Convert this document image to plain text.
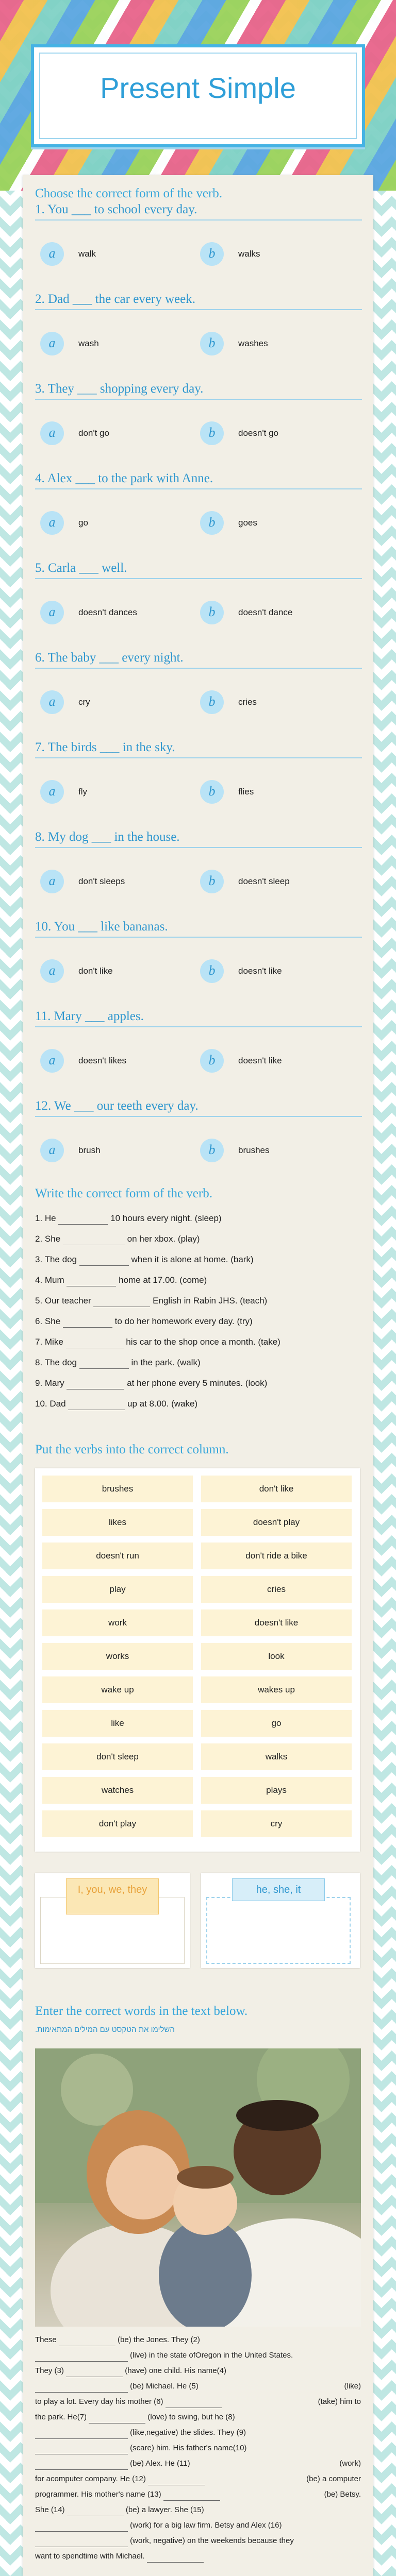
Present Simple
Choose the correct form of the verb.
1. You ___ to school every day.
a	walk	b	walks
2. Dad ___ the car every week.
a	wash	b	washes
3. They ___ shopping every day.
a	don't go	b	doesn't go
4. Alex ___ to the park with Anne.
a	go	b	goes
5. Carla ___ well.
a	doesn't dances	b	doesn't dance
6. The baby ___ every night.
a	cry	b	cries
7. The birds ___ in the sky.
a	fly	b	flies
8. My dog ___ in the house.
a	don't sleeps	b	doesn't sleep
10. You ___ like bananas.
a	don't like	b	doesn't like
11. Mary ___ apples.
a	doesn't likes	b	doesn't like
12. We ___ our teeth every day.
a	brush	b	brushes
Write the correct form of the verb.
1. He	10 hours every night. (sleep)
2. She	on her xbox. (play)
3. The dog	when it is alone at home. (bark)
4. Mum	home at 17.00. (come)
5. Our teacher	English in Rabin JHS. (teach)
6. She	to do her homework every day. (try)
7. Mike	his car to the shop once a month. (take)
8. The dog	in the park. (walk)
9. Mary	at her phone every 5 minutes. (look)
10. Dad	up at 8.00. (wake)
Put the verbs into the correct column.
brushes	don't like
likes	doesn't play
doesn't run	don't ride a bike
play	cries
work	doesn't like
works	look
wake up	wakes up
like	go
don't sleep	walks
watches	plays
don't play	cry
I, you, we, they	he, she, it
Enter the correct words in the text below.
השלימו את הטקסט עם המילים המתאימות.
These	(be) the Jones. They (2)
(live) in the state ofOregon in the United States.
They (3)	(have) one child. His name(4)
(be) Michael. He (5)	(like)
to play a lot. Every day his mother (6)	(take) him to
the park. He(7)	(love) to swing, but he (8)
(like,negative) the slides. They (9)
(scare) him. His father's name(10)
(be) Alex. He (11)	(work)
for acomputer company. He (12)	(be) a computer
programmer. His mother's name (13)	(be) Betsy.
She (14)	(be) a lawyer. She (15)
(work) for a big law firm. Betsy and Alex (16)
(work, negative) on the weekends because they
want to spendtime with Michael.
